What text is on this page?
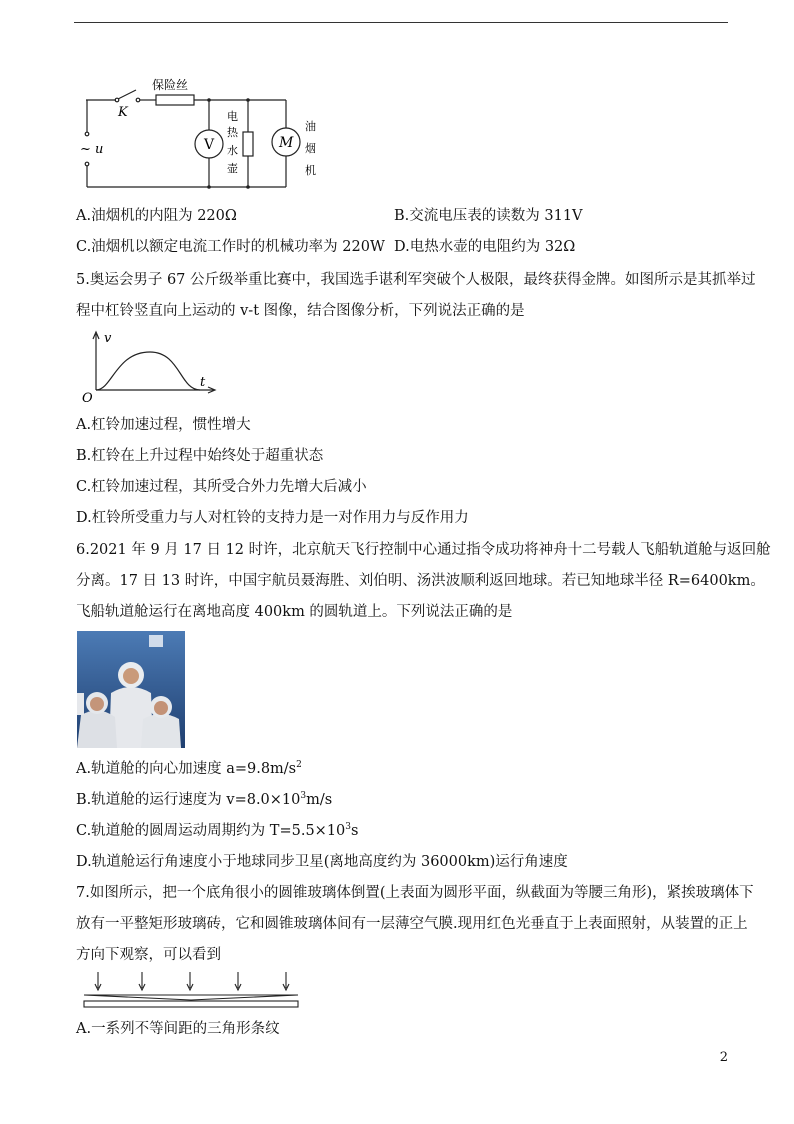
保险丝
K
~ u	V	M
电
热
水
壶
油
烟
机
A.油烟机的内阻为 220Ω	B.交流电压表的读数为 311V
C.油烟机以额定电流工作时的机械功率为 220W D.电热水壶的电阻约为 32Ω
5.奥运会男子 67 公斤级举重比赛中，我国选手谌利军突破个人极限，最终获得金牌。如图所示是其抓举过
程中杠铃竖直向上运动的 v-t 图像，结合图像分析，下列说法正确的是
v
t
O
A.杠铃加速过程，惯性增大
B.杠铃在上升过程中始终处于超重状态
C.杠铃加速过程，其所受合外力先增大后减小
D.杠铃所受重力与人对杠铃的支持力是一对作用力与反作用力
6.2021 年 9 月 17 日 12 时许，北京航天飞行控制中心通过指令成功将神舟十二号载人飞船轨道舱与返回舱
分离。17 日 13 时许，中国宇航员聂海胜、刘伯明、汤洪波顺利返回地球。若已知地球半径 R=6400km。
飞船轨道舱运行在离地高度 400km 的圆轨道上。下列说法正确的是
A.轨道舱的向心加速度 $a=9.8m/s^2$
B.轨道舱的运行速度为 $v=8.0\times 10^3m/s$
C.轨道舱的圆周运动周期约为 $T=5.5\times 10^3s$
D.轨道舱运行角速度小于地球同步卫星(离地高度约为 36000km)运行角速度
7.如图所示，把一个底角很小的圆锥玻璃体倒置(上表面为圆形平面，纵截面为等腰三角形)，紧挨玻璃体下
放有一平整矩形玻璃砖，它和圆锥玻璃体间有一层薄空气膜.现用红色光垂直于上表面照射，从装置的正上
方向下观察，可以看到
A.一系列不等间距的三角形条纹
2
